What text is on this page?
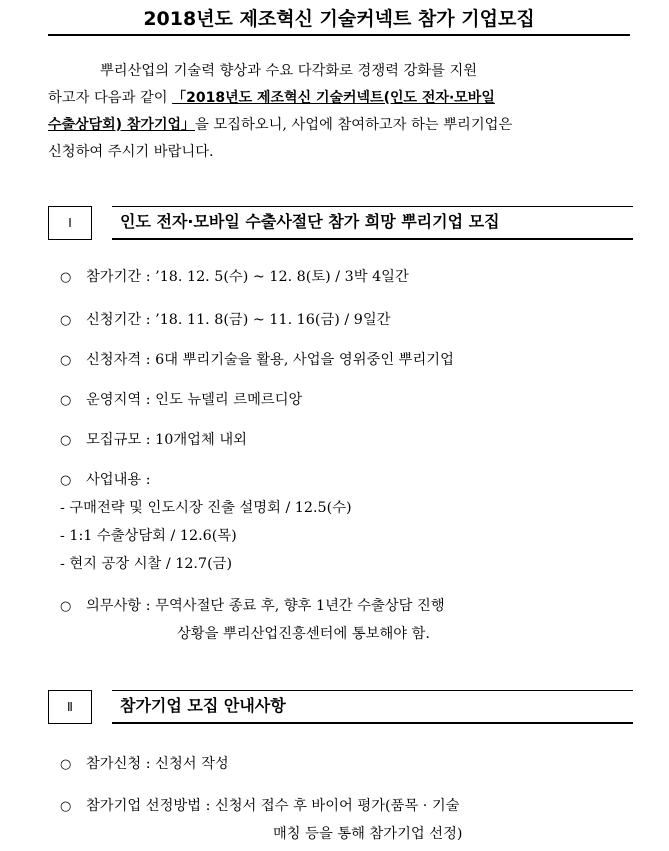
2018년도 제조혁신 기술커넥트 참가 기업모집
뿌리산업의 기술력 향상과 수요 다각화로 경쟁력 강화를 지원
하고자 다음과 같이 「2018년도 제조혁신 기술커넥트(인도 전자·모바일
수출상담회) 참가기업」을 모집하오니, 사업에 참여하고자 하는 뿌리기업은
신청하여 주시기 바랍니다.
Ⅰ	인도 전자·모바일 수출사절단 참가 희망 뿌리기업 모집
○ 참가기간 : ’18. 12. 5(수) ~ 12. 8(토) / 3박 4일간
○ 신청기간 : ’18. 11. 8(금) ~ 11. 16(금) / 9일간
○ 신청자격 : 6대 뿌리기술을 활용, 사업을 영위중인 뿌리기업
○ 운영지역 : 인도 뉴델리 르메르디앙
○ 모집규모 : 10개업체 내외
○ 사업내용 :
- 구매전략 및 인도시장 진출 설명회 / 12.5(수)
- 1:1 수출상담회 / 12.6(목)
- 현지 공장 시찰 / 12.7(금)
○ 의무사항 : 무역사절단 종료 후, 향후 1년간 수출상담 진행
상황을 뿌리산업진흥센터에 통보해야 함.
Ⅱ	참가기업 모집 안내사항
○ 참가신청 : 신청서 작성
○ 참가기업 선정방법 : 신청서 접수 후 바이어 평가(품목 · 기술
매칭 등을 통해 참가기업 선정)
